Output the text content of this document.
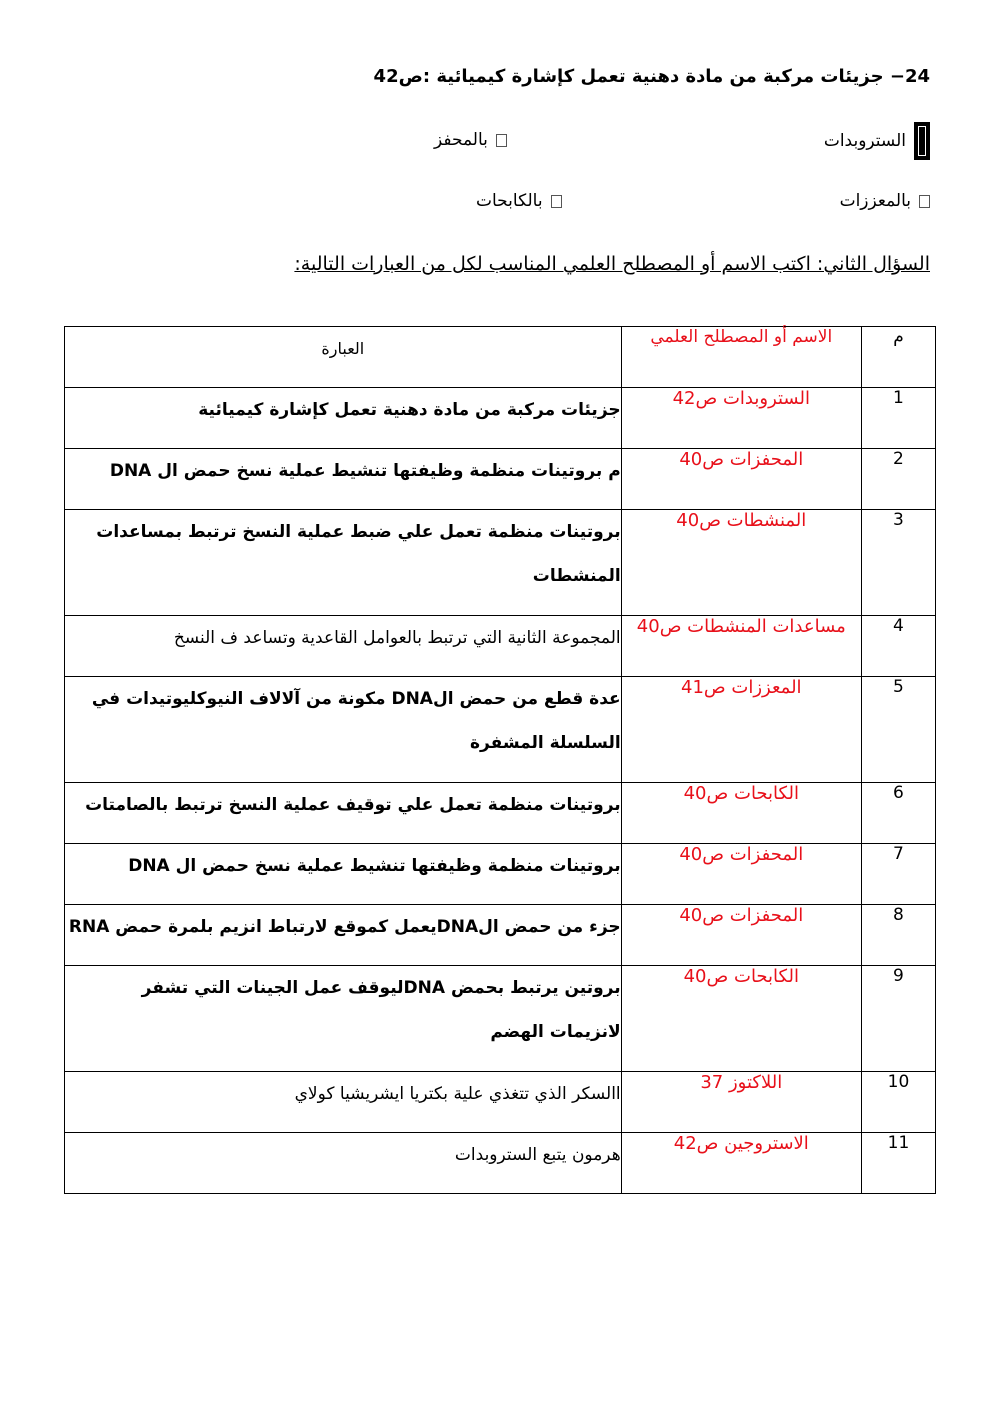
24− جزيئات مركبة من مادة دهنية تعمل كإشارة كيميائية :ص42
الستروبدات
بالمحفز
بالمعززات
بالكابحات
السؤال الثاني: اكتب الاسم أو المصطلح العلمي المناسب لكل من العبارات التالية:
م	الاسم أو المصطلح العلمي	العبارة
1	الستروبدات ص42	جزيئات مركبة من مادة دهنية تعمل كإشارة كيميائية
2	المحفزات ص40	م بروتينات منظمة وظيفتها تنشيط عملية نسخ حمض ال DNA
3	المنشطات ص40	بروتينات منظمة تعمل علي ضبط عملية النسخ ترتبط بمساعدات المنشطات
4	مساعدات المنشطات ص40	المجموعة الثانية التي ترتبط بالعوامل القاعدية وتساعد ف النسخ
5	المعززات ص41	عدة قطع من حمض الDNA مكونة من آلالاف النيوكليوتيدات في السلسلة المشفرة
6	الكابحات ص40	بروتينات منظمة تعمل علي توقيف عملية النسخ ترتبط بالصامتات
7	المحفزات ص40	بروتينات منظمة وظيفتها تنشيط عملية نسخ حمض ال DNA
8	المحفزات ص40	جزء من حمض الDNAيعمل كموقع لارتباط انزيم بلمرة حمض RNA
9	الكابحات ص40	بروتين يرتبط بحمض DNAليوقف عمل الجينات التي تشفر لانزيمات الهضم
10	اللاكتوز 37	االسكر الذي تتغذي علية بكتريا ايشريشيا كولاي
11	الاستروجين ص42	هرمون يتبع الستروبدات
